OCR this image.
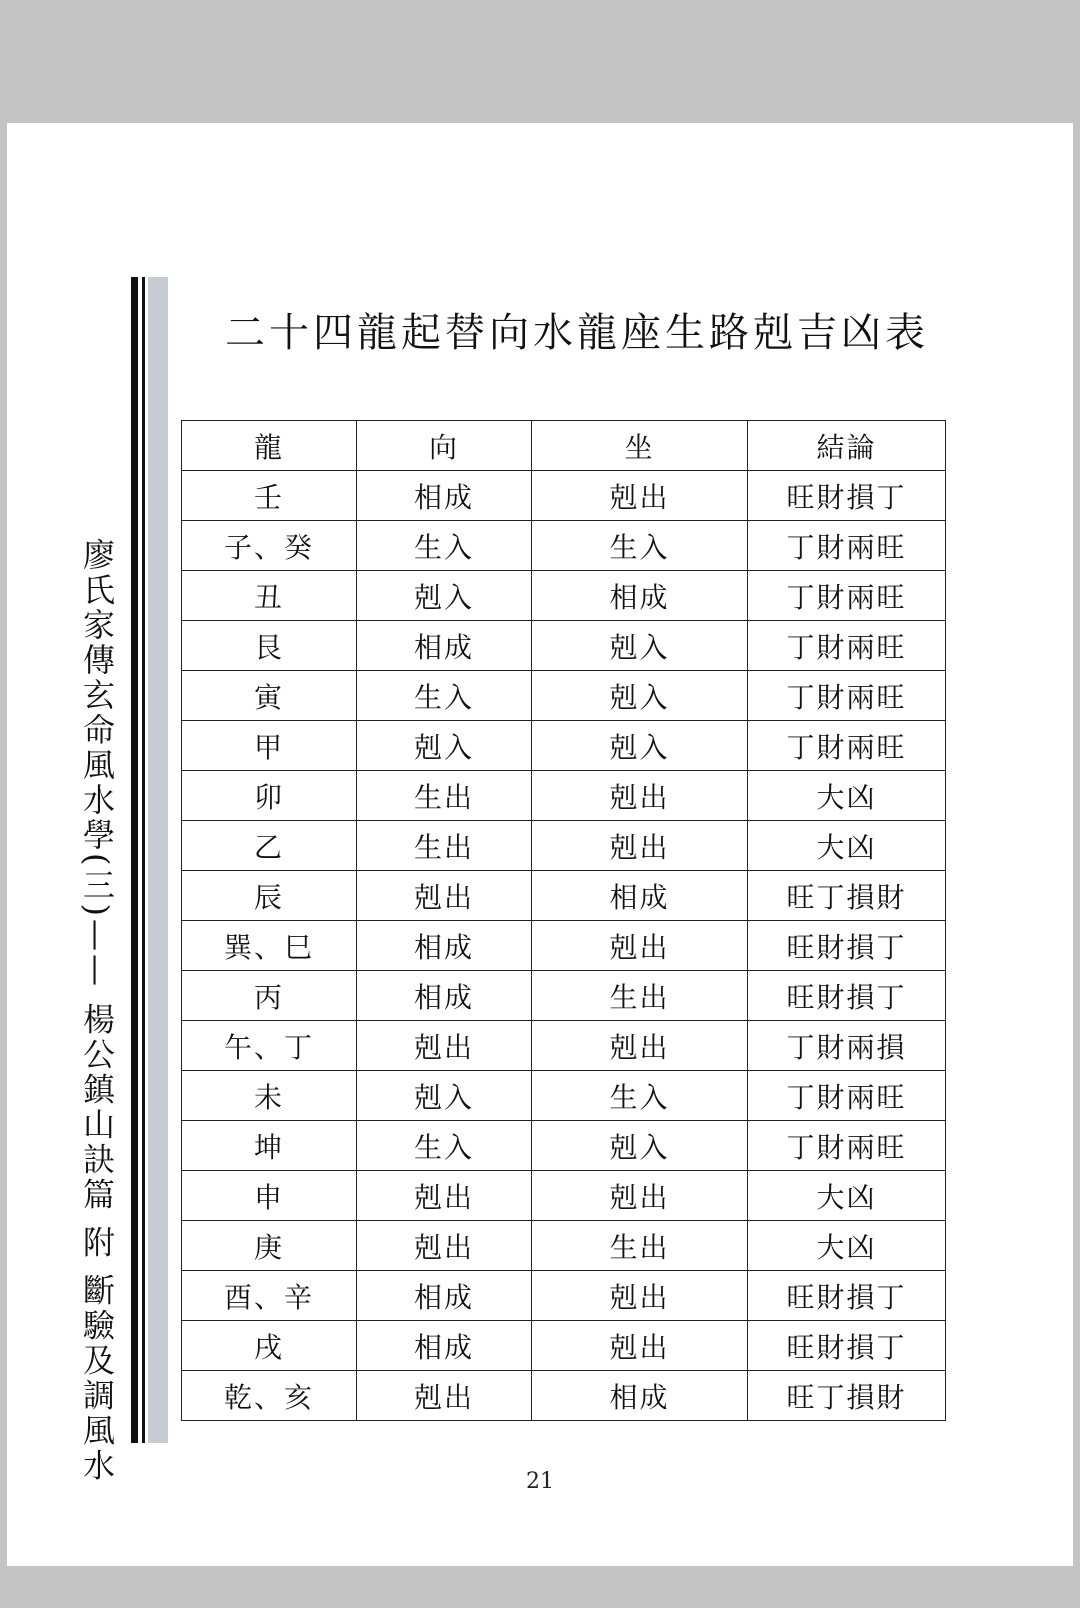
廖氏家傳玄命風水學(三)—— 楊公鎮山訣篇 附 斷驗及調風水
二十四龍起替向水龍座生路剋吉凶表
龍	向	坐	結論
壬	相成	剋出	旺財損丁
子、癸	生入	生入	丁財兩旺
丑	剋入	相成	丁財兩旺
艮	相成	剋入	丁財兩旺
寅	生入	剋入	丁財兩旺
甲	剋入	剋入	丁財兩旺
卯	生出	剋出	大凶
乙	生出	剋出	大凶
辰	剋出	相成	旺丁損財
巽、巳	相成	剋出	旺財損丁
丙	相成	生出	旺財損丁
午、丁	剋出	剋出	丁財兩損
未	剋入	生入	丁財兩旺
坤	生入	剋入	丁財兩旺
申	剋出	剋出	大凶
庚	剋出	生出	大凶
酉、辛	相成	剋出	旺財損丁
戌	相成	剋出	旺財損丁
乾、亥	剋出	相成	旺丁損財
21
